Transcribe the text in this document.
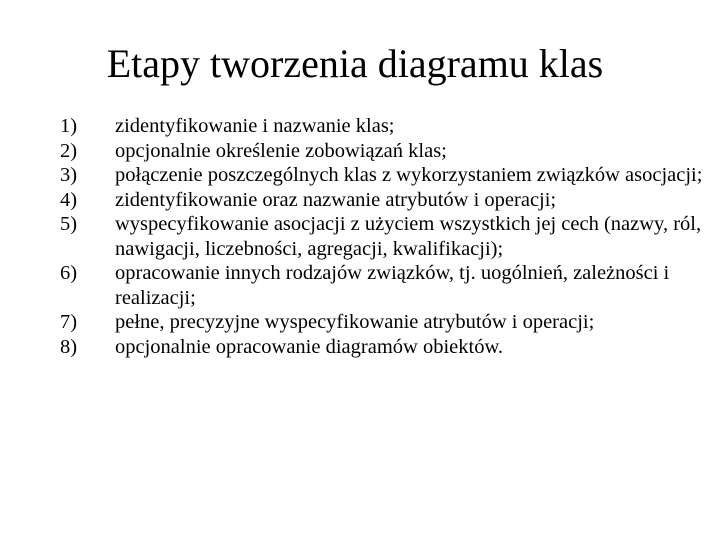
Etapy tworzenia diagramu klas
1)	zidentyfikowanie i nazwanie klas;
2)	opcjonalnie określenie zobowiązań klas;
3)	połączenie poszczególnych klas z wykorzystaniem związków asocjacji;
4)	zidentyfikowanie oraz nazwanie atrybutów i operacji;
5)	wyspecyfikowanie asocjacji z użyciem wszystkich jej cech (nazwy, ról, nawigacji, liczebności, agregacji, kwalifikacji);
6)	opracowanie innych rodzajów związków, tj. uogólnień, zależności i realizacji;
7)	pełne, precyzyjne wyspecyfikowanie atrybutów i operacji;
8)	opcjonalnie opracowanie diagramów obiektów.
